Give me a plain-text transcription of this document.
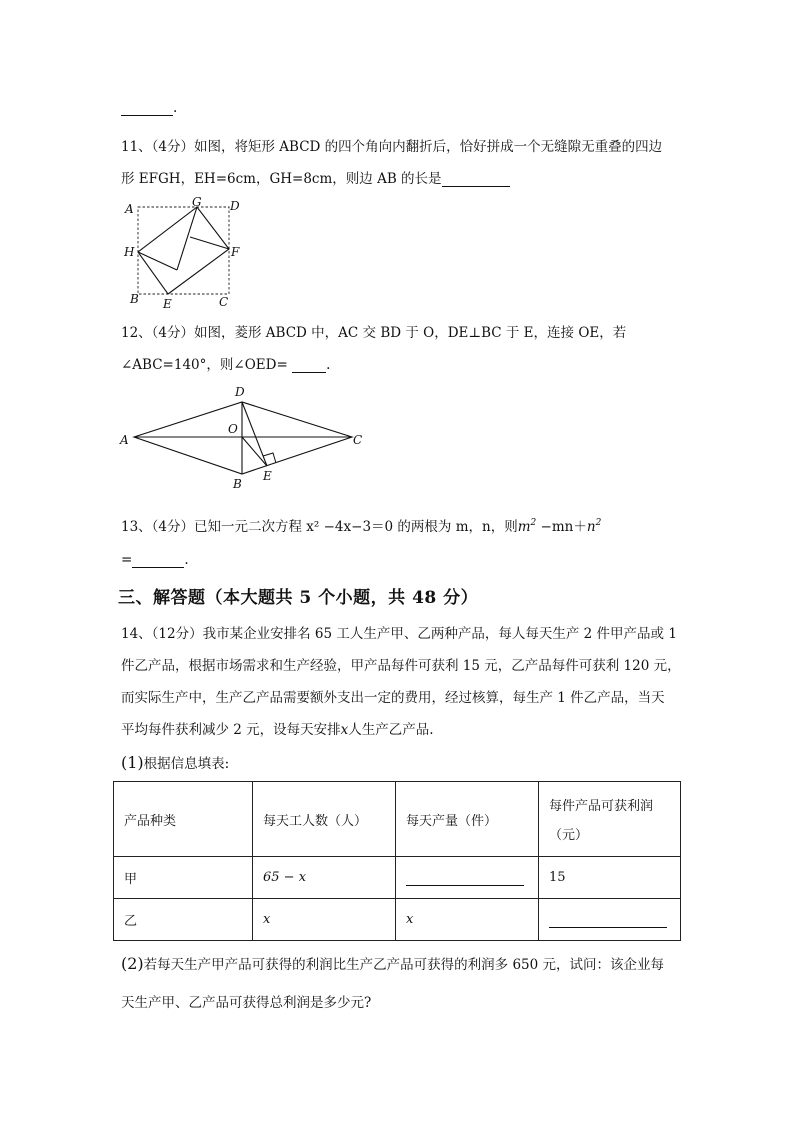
.
11、（4分）如图，将矩形 ABCD 的四个角向内翻折后，恰好拼成一个无缝隙无重叠的四边
形 EFGH，EH=6cm，GH=8cm，则边 AB 的长是
A	G D
H	F
B E	C
12、（4分）如图，菱形 ABCD 中，AC 交 BD 于 O，DE⊥BC 于 E，连接 OE，若
∠ABC=140°，则∠OED=	.
A
D
O
C
B
E
13、（4分）已知一元二次方程 x² −4x−3＝0 的两根为 m，n，则$m^2 -mn+n^2$
=	.
三、解答题（本大题共 5 个小题，共 48 分）
14、（12分）我市某企业安排名 65 工人生产甲、乙两种产品，每人每天生产 2 件甲产品或 1
件乙产品，根据市场需求和生产经验，甲产品每件可获利 15 元，乙产品每件可获利 120 元，
而实际生产中，生产乙产品需要额外支出一定的费用，经过核算，每生产 1 件乙产品，当天
平均每件获利减少 2 元，设每天安排x人生产乙产品.
(1)根据信息填表:
产品种类	每天工人数（人）	每天产量（件）	每件产品可获利润
（元）

甲	65 − x		15
乙	x	x	
(2)若每天生产甲产品可获得的利润比生产乙产品可获得的利润多 650 元，试问：该企业每
天生产甲、乙产品可获得总利润是多少元?
